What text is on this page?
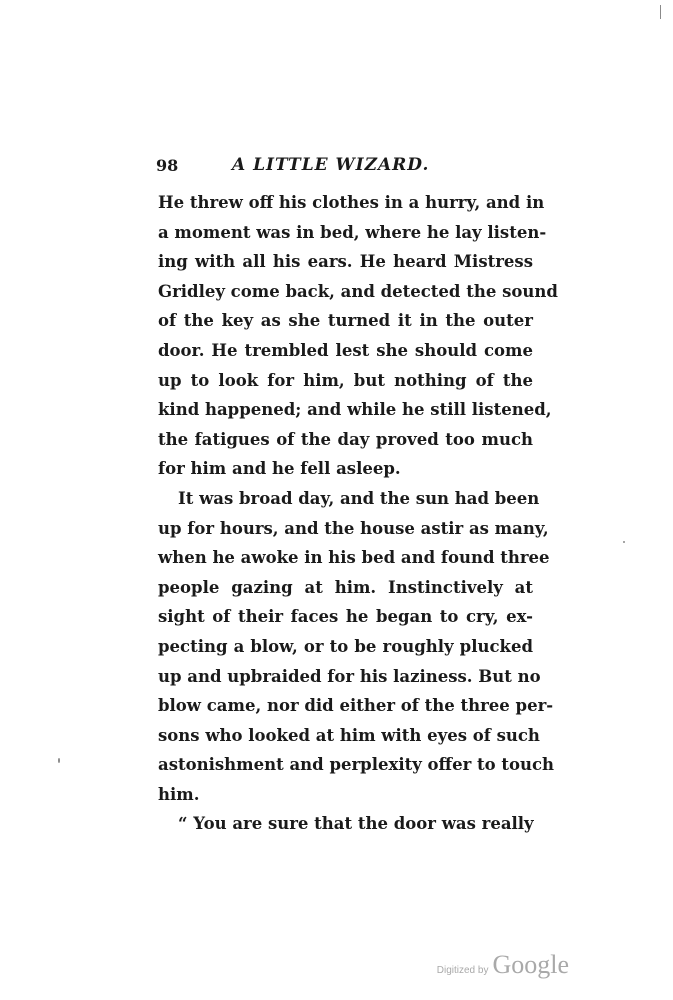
98	A LITTLE WIZARD.
He threw off his clothes in a hurry, and in
a moment was in bed, where he lay listen-
ing with all his ears. He heard Mistress
Gridley come back, and detected the sound
of the key as she turned it in the outer
door. He trembled lest she should come
up to look for him, but nothing of the
kind happened; and while he still listened,
the fatigues of the day proved too much
for him and he fell asleep.
It was broad day, and the sun had been
up for hours, and the house astir as many,
when he awoke in his bed and found three
people gazing at him. Instinctively at
sight of their faces he began to cry, ex-
pecting a blow, or to be roughly plucked
up and upbraided for his laziness. But no
blow came, nor did either of the three per-
sons who looked at him with eyes of such
astonishment and perplexity offer to touch
him.
“ You are sure that the door was really
Digitized by Google
